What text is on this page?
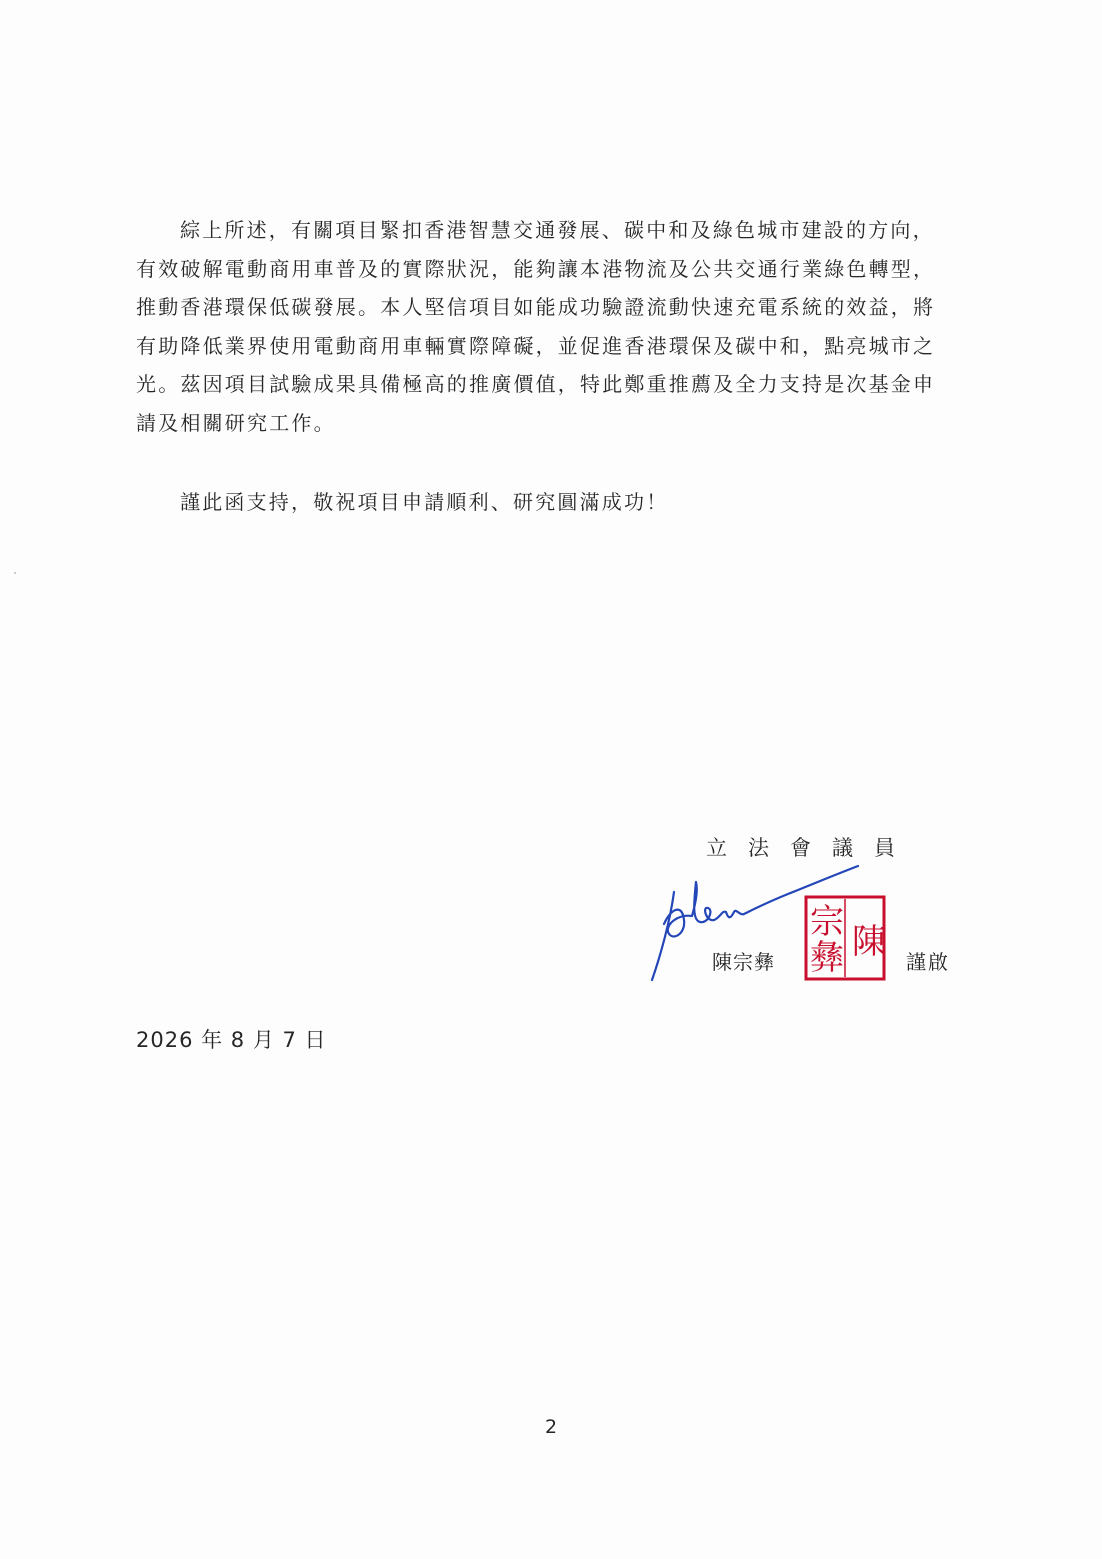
綜上所述，有關項目緊扣香港智慧交通發展、碳中和及綠色城市建設的方向，
有效破解電動商用車普及的實際狀況，能夠讓本港物流及公共交通行業綠色轉型，
推動香港環保低碳發展。本人堅信項目如能成功驗證流動快速充電系統的效益，將
有助降低業界使用電動商用車輛實際障礙，並促進香港環保及碳中和，點亮城市之
光。茲因項目試驗成果具備極高的推廣價值，特此鄭重推薦及全力支持是次基金申
請及相關研究工作。
謹此函支持，敬祝項目申請順利、研究圓滿成功！
立法會議員
陳宗彝 陳
宗
彝	謹啟
2026 年 8 月 7 日
2
